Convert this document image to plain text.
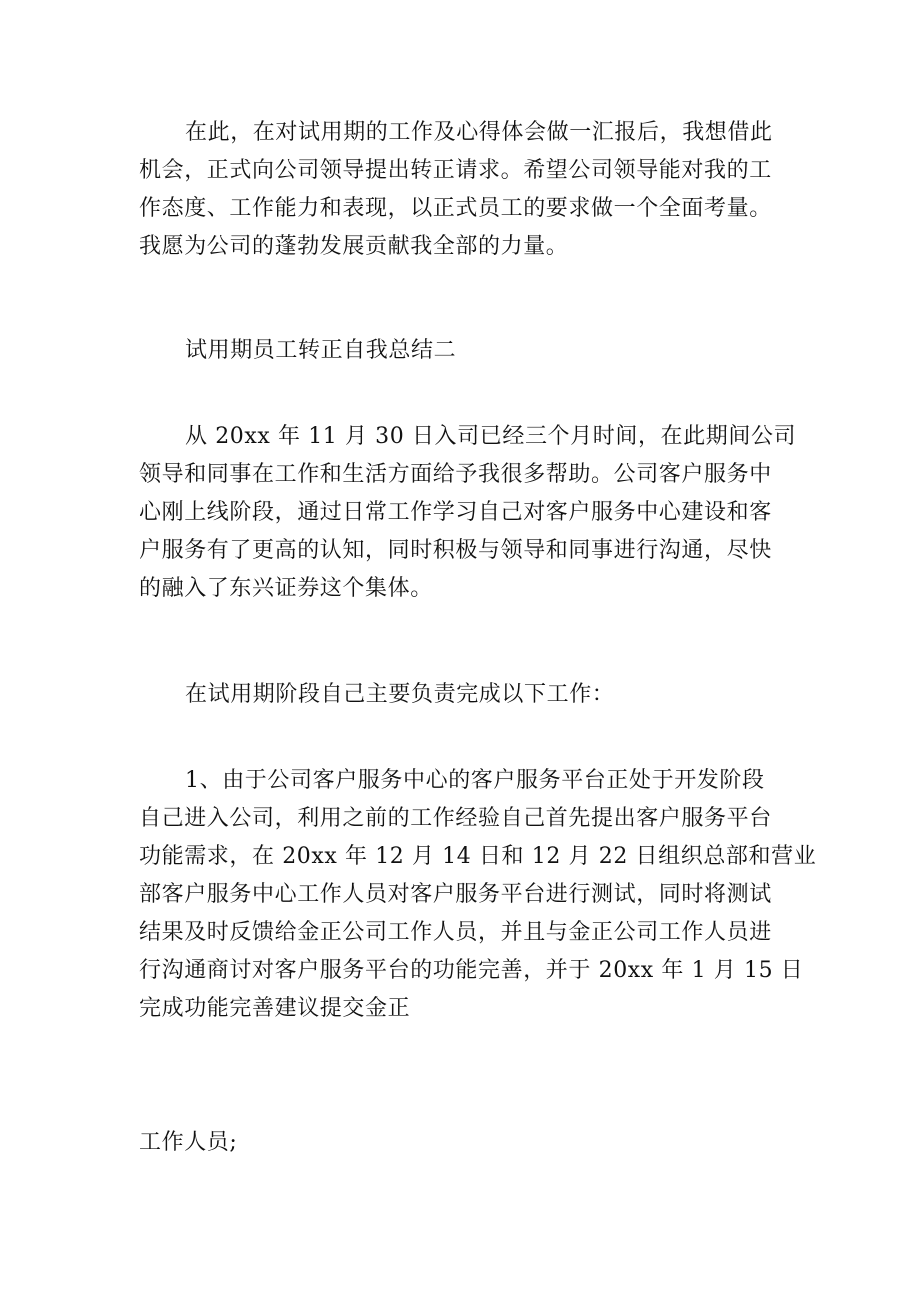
在此，在对试用期的工作及心得体会做一汇报后，我想借此
机会，正式向公司领导提出转正请求。希望公司领导能对我的工
作态度、工作能力和表现，以正式员工的要求做一个全面考量。
我愿为公司的蓬勃发展贡献我全部的力量。

试用期员工转正自我总结二

从 20xx 年 11 月 30 日入司已经三个月时间，在此期间公司
领导和同事在工作和生活方面给予我很多帮助。公司客户服务中
心刚上线阶段，通过日常工作学习自己对客户服务中心建设和客
户服务有了更高的认知，同时积极与领导和同事进行沟通，尽快
的融入了东兴证券这个集体。

在试用期阶段自己主要负责完成以下工作：

1、由于公司客户服务中心的客户服务平台正处于开发阶段
自己进入公司，利用之前的工作经验自己首先提出客户服务平台
功能需求，在 20xx 年 12 月 14 日和 12 月 22 日组织总部和营业
部客户服务中心工作人员对客户服务平台进行测试，同时将测试
结果及时反馈给金正公司工作人员，并且与金正公司工作人员进
行沟通商讨对客户服务平台的功能完善，并于 20xx 年 1 月 15 日
完成功能完善建议提交金正

工作人员;
